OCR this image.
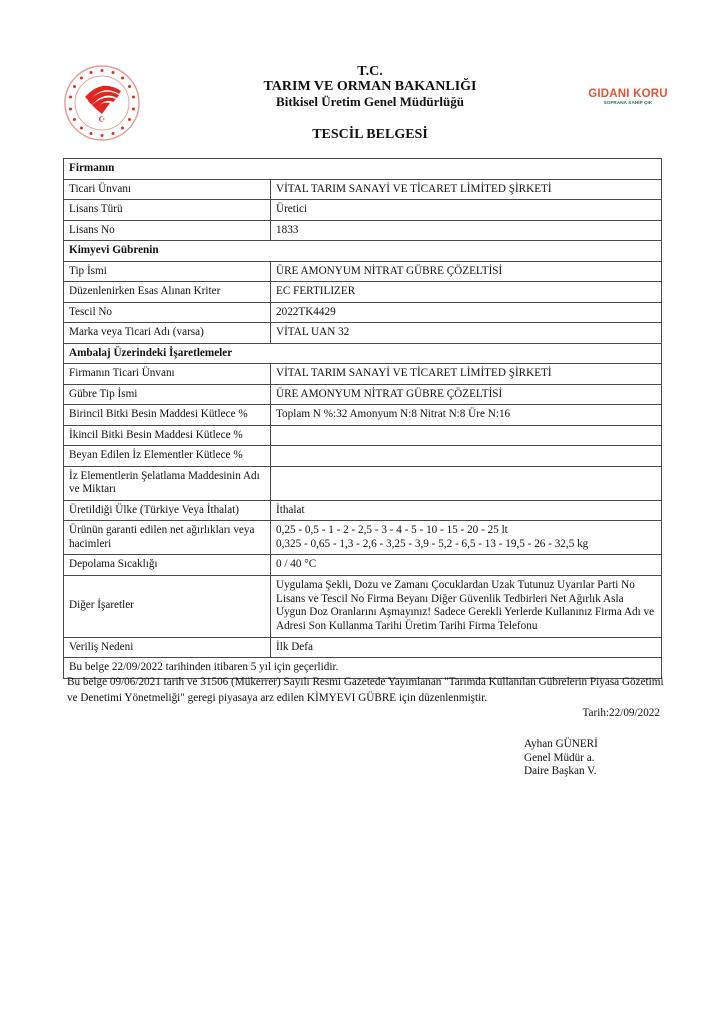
☪
GIDANI KORU
SOFRANA SAHİP ÇIK
T.C.
TARIM VE ORMAN BAKANLIĞI
Bitkisel Üretim Genel Müdürlüğü
TESCİL BELGESİ
Firmanın	
Ticari Ünvanı	VİTAL TARIM SANAYİ VE TİCARET LİMİTED ŞİRKETİ
Lisans Türü	Üretici
Lisans No	1833
Kimyevi Gübrenin	
Tip İsmi	ÜRE AMONYUM NİTRAT GÜBRE ÇÖZELTİSİ
Düzenlenirken Esas Alınan Kriter	EC FERTILIZER
Tescil No	2022TK4429
Marka veya Ticari Adı (varsa)	VİTAL UAN 32
Ambalaj Üzerindeki İşaretlemeler	
Firmanın Ticari Ünvanı	VİTAL TARIM SANAYİ VE TİCARET LİMİTED ŞİRKETİ
Gübre Tip İsmi	ÜRE AMONYUM NİTRAT GÜBRE ÇÖZELTİSİ
Birincil Bitki Besin Maddesi Kütlece %	Toplam N %:32 Amonyum N:8 Nitrat N:8 Üre N:16
İkincil Bitki Besin Maddesi Kütlece %	
Beyan Edilen İz Elementler Kütlece %	
İz Elementlerin Şelatlama Maddesinin Adı ve Miktarı	
Üretildiği Ülke (Türkiye Veya İthalat)	İthalat
Ürünün garanti edilen net ağırlıkları veya hacimleri	0,25 - 0,5 - 1 - 2 - 2,5 - 3 - 4 - 5 - 10 - 15 - 20 - 25 lt
0,325 - 0,65 - 1,3 - 2,6 - 3,25 - 3,9 - 5,2 - 6,5 - 13 - 19,5 - 26 - 32,5 kg
Depolama Sıcaklığı	0 / 40 °C
Diğer İşaretler	Uygulama Şekli, Dozu ve Zamanı Çocuklardan Uzak Tutunuz Uyarılar Parti No Lisans ve Tescil No Firma Beyanı Diğer Güvenlik Tedbirleri Net Ağırlık Asla Uygun Doz Oranlarını Aşmayınız! Sadece Gerekli Yerlerde Kullanınız Firma Adı ve Adresi Son Kullanma Tarihi Üretim Tarihi Firma Telefonu
Veriliş Nedeni	İlk Defa
Bu belge 22/09/2022 tarihinden itibaren 5 yıl için geçerlidir.	
Bu belge 09/06/2021 tarih ve 31506 (Mükerrer) Sayılı Resmi Gazetede Yayımlanan "Tarımda Kullanılan Gübrelerin Piyasa Gözetimi ve Denetimi Yönetmeliği" geregi piyasaya arz edilen KİMYEVI GÜBRE için düzenlenmiştir.
Tarih:22/09/2022
Ayhan GÜNERİ
Genel Müdür a.
Daire Başkan V.
